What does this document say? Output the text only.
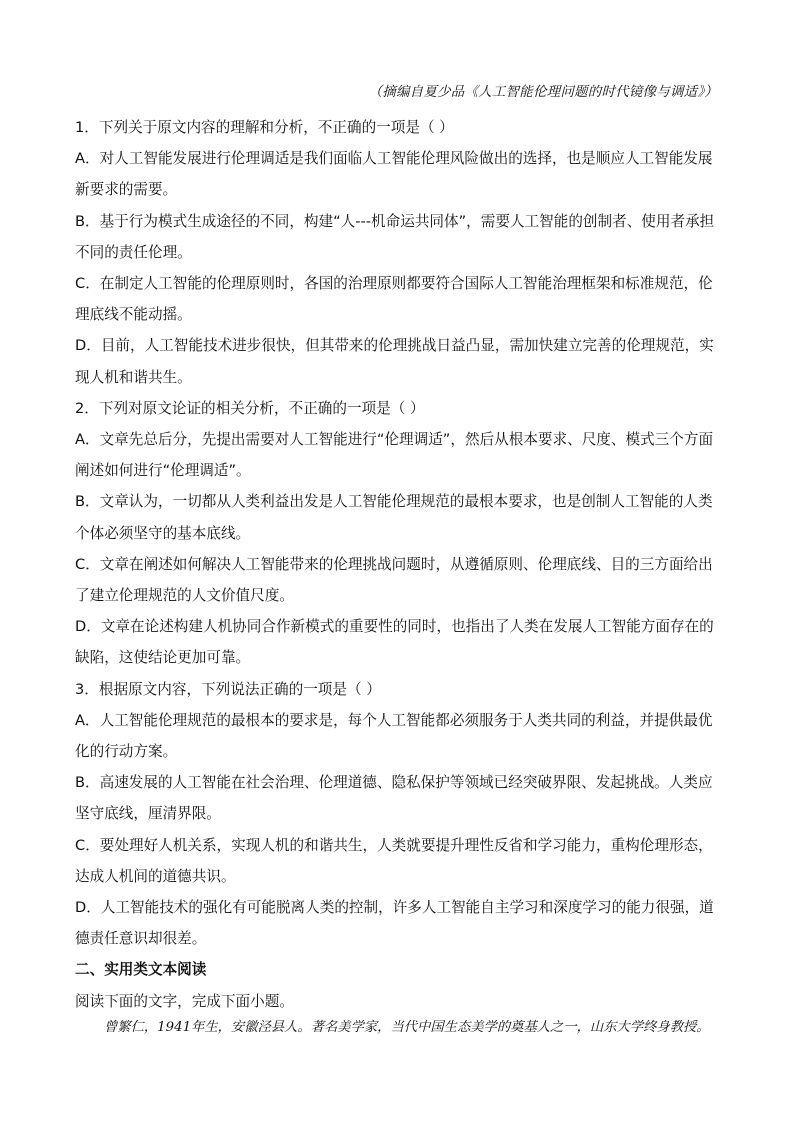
（摘编自夏少品《人工智能伦理问题的时代镜像与调适》）

1．下列关于原文内容的理解和分析，不正确的一项是（ ）

A．对人工智能发展进行伦理调适是我们面临人工智能伦理风险做出的选择，也是顺应人工智能发展新要求的需要。

B．基于行为模式生成途径的不同，构建“人---机命运共同体”，需要人工智能的创制者、使用者承担不同的责任伦理。

C．在制定人工智能的伦理原则时，各国的治理原则都要符合国际人工智能治理框架和标准规范，伦理底线不能动摇。

D．目前，人工智能技术进步很快，但其带来的伦理挑战日益凸显，需加快建立完善的伦理规范，实现人机和谐共生。

2．下列对原文论证的相关分析，不正确的一项是（ ）

A．文章先总后分，先提出需要对人工智能进行“伦理调适”，然后从根本要求、尺度、模式三个方面阐述如何进行“伦理调适”。

B．文章认为，一切都从人类利益出发是人工智能伦理规范的最根本要求，也是创制人工智能的人类个体必须坚守的基本底线。

C．文章在阐述如何解决人工智能带来的伦理挑战问题时，从遵循原则、伦理底线、目的三方面给出了建立伦理规范的人文价值尺度。

D．文章在论述构建人机协同合作新模式的重要性的同时，也指出了人类在发展人工智能方面存在的缺陷，这使结论更加可靠。

3．根据原文内容，下列说法正确的一项是（ ）

A．人工智能伦理规范的最根本的要求是，每个人工智能都必须服务于人类共同的利益，并提供最优化的行动方案。

B．高速发展的人工智能在社会治理、伦理道德、隐私保护等领域已经突破界限、发起挑战。人类应坚守底线，厘清界限。

C．要处理好人机关系，实现人机的和谐共生，人类就要提升理性反省和学习能力，重构伦理形态，达成人机间的道德共识。

D．人工智能技术的强化有可能脱离人类的控制，许多人工智能自主学习和深度学习的能力很强，道德责任意识却很差。

二、实用类文本阅读

阅读下面的文字，完成下面小题。

曾繁仁，1941年生，安徽泾县人。著名美学家，当代中国生态美学的奠基人之一，山东大学终身教授。
